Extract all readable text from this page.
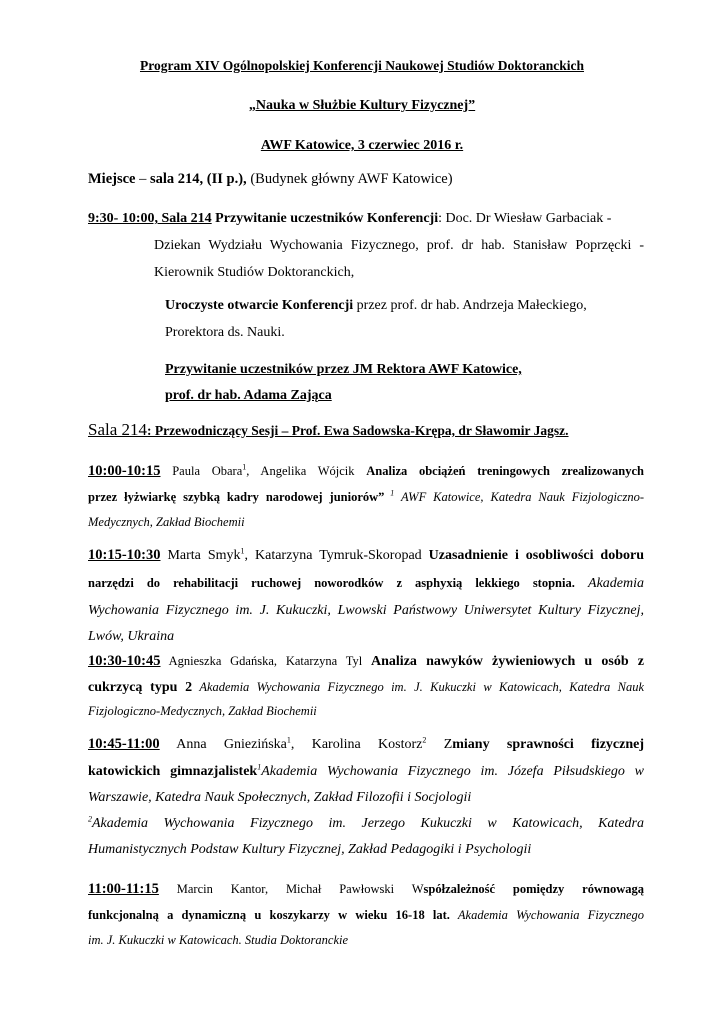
Program XIV Ogólnopolskiej Konferencji Naukowej Studiów Doktoranckich
„Nauka w Służbie Kultury Fizycznej”
AWF Katowice, 3 czerwiec 2016 r.
Miejsce – sala 214, (II p.), (Budynek główny AWF Katowice)
9:30- 10:00, Sala 214 Przywitanie uczestników Konferencji: Doc. Dr Wiesław Garbaciak -
Dziekan Wydziału Wychowania Fizycznego, prof. dr hab. Stanisław Poprzęcki -
Kierownik Studiów Doktoranckich,
Uroczyste otwarcie Konferencji przez prof. dr hab. Andrzeja Małeckiego,
Prorektora ds. Nauki.
Przywitanie uczestników przez JM Rektora AWF Katowice,
prof. dr hab. Adama Zająca
Sala 214: Przewodniczący Sesji – Prof. Ewa Sadowska-Krępa, dr Sławomir Jagsz.
10:00-10:15 Paula Obara$^1$, Angelika Wójcik Analiza obciążeń treningowych zrealizowanych
przez łyżwiarkę szybką kadry narodowej juniorów” $^1$ AWF Katowice, Katedra Nauk Fizjologiczno-
Medycznych, Zakład Biochemii
10:15-10:30 Marta Smyk$^1$, Katarzyna Tymruk-Skoropad Uzasadnienie i osobliwości doboru
narzędzi do rehabilitacji ruchowej noworodków z asphyxią lekkiego stopnia. Akademia
Wychowania Fizycznego im. J. Kukuczki, Lwowski Państwowy Uniwersytet Kultury Fizycznej,
Lwów, Ukraina
10:30-10:45 Agnieszka Gdańska, Katarzyna Tyl Analiza nawyków żywieniowych u osób z
cukrzycą typu 2 Akademia Wychowania Fizycznego im. J. Kukuczki w Katowicach, Katedra Nauk
Fizjologiczno-Medycznych, Zakład Biochemii
10:45-11:00 Anna Gniezińska$^1$, Karolina Kostorz$^2$ Zmiany sprawności fizycznej
katowickich gimnazjalistek$^1$Akademia Wychowania Fizycznego im. Józefa Piłsudskiego w
Warszawie, Katedra Nauk Społecznych, Zakład Filozofii i Socjologii
$^2$Akademia Wychowania Fizycznego im. Jerzego Kukuczki w Katowicach, Katedra
Humanistycznych Podstaw Kultury Fizycznej, Zakład Pedagogiki i Psychologii
11:00-11:15 Marcin Kantor, Michał Pawłowski Współzależność pomiędzy równowagą
funkcjonalną a dynamiczną u koszykarzy w wieku 16-18 lat. Akademia Wychowania Fizycznego
im. J. Kukuczki w Katowicach. Studia Doktoranckie
